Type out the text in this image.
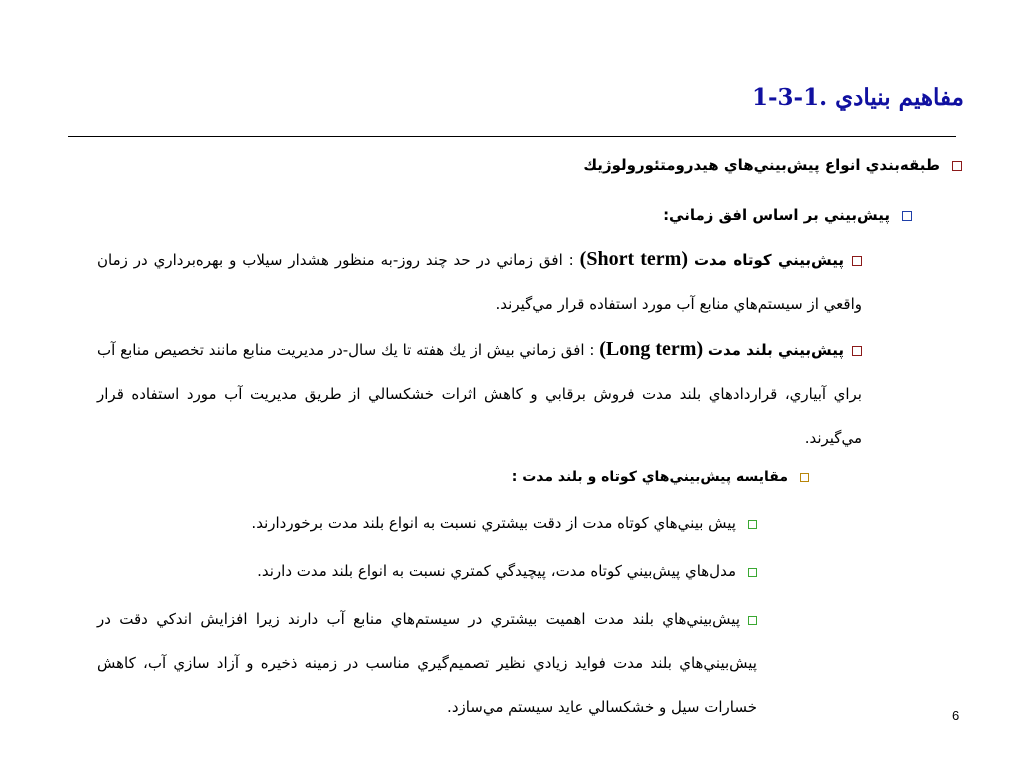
1-3-1. مفاهيم بنيادي
طبقه‌بندي انواع پيش‌بيني‌هاي هيدرومتئورولوژيك
پيش‌بيني بر اساس افق زماني:
پيش‌بيني كوتاه مدت (Short term) : افق زماني در حد چند روز-به منظور هشدار سيلاب و بهره‌برداري در زمان واقعي از سيستم‌هاي منابع آب مورد استفاده قرار مي‌گيرند.
پيش‌بيني بلند مدت (Long term) : افق زماني بيش از يك هفته تا يك سال-در مديريت منابع مانند تخصيص منابع آب براي آبياري، قراردادهاي بلند مدت فروش برقابي و كاهش اثرات خشكسالي از طريق مديريت آب مورد استفاده قرار مي‌گيرند.
مقايسه پيش‌بيني‌هاي كوتاه و بلند مدت :
پيش بيني‌هاي كوتاه مدت از دقت بيشتري نسبت به انواع بلند مدت برخوردارند.
مدل‌هاي پيش‌بيني كوتاه مدت، پيچيدگي كمتري نسبت به انواع بلند مدت دارند.
پيش‌بيني‌هاي بلند مدت اهميت بيشتري در سيستم‌هاي منابع آب دارند زيرا افزايش اندكي دقت در پيش‌بيني‌هاي بلند مدت فوايد زيادي نظير تصميم‌گيري مناسب در زمينه ذخيره و آزاد سازي آب، كاهش خسارات سيل و خشكسالي عايد سيستم مي‌سازد.	6
